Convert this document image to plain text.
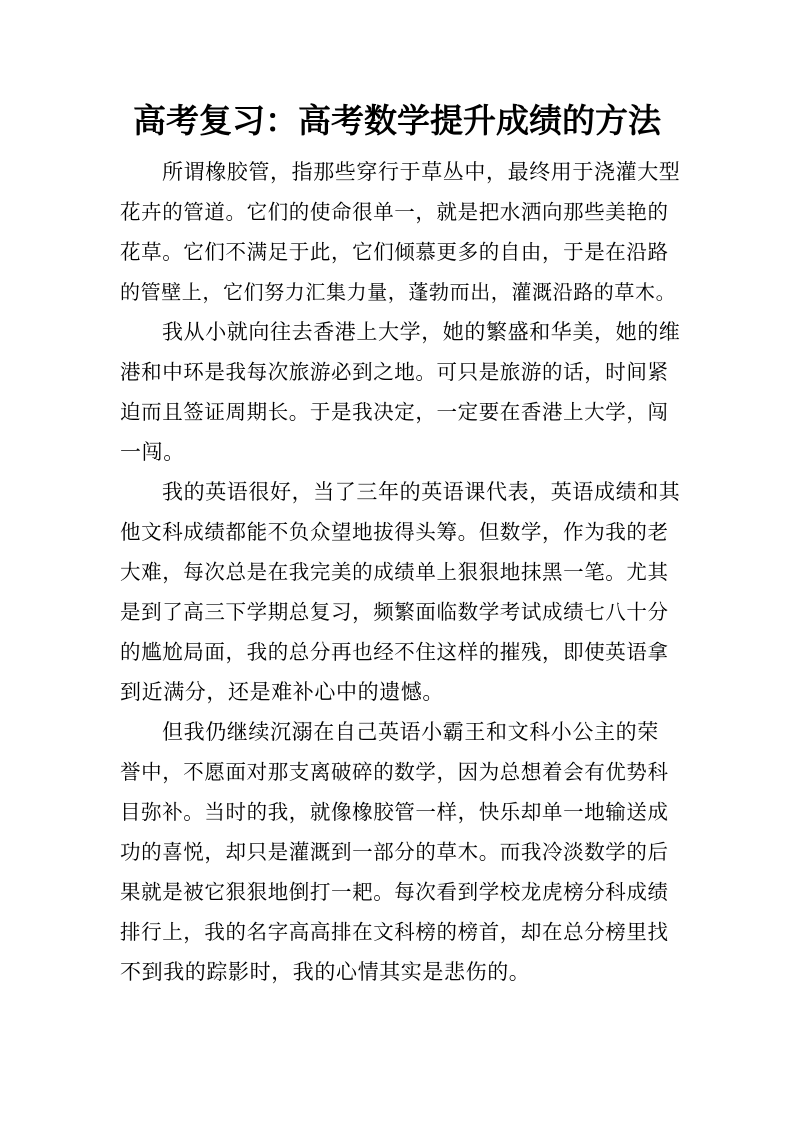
高考复习：高考数学提升成绩的方法
所谓橡胶管，指那些穿行于草丛中，最终用于浇灌大型
花卉的管道。它们的使命很单一，就是把水洒向那些美艳的
花草。它们不满足于此，它们倾慕更多的自由，于是在沿路
的管壁上，它们努力汇集力量，蓬勃而出，灌溉沿路的草木。
我从小就向往去香港上大学，她的繁盛和华美，她的维
港和中环是我每次旅游必到之地。可只是旅游的话，时间紧
迫而且签证周期长。于是我决定，一定要在香港上大学，闯
一闯。
我的英语很好，当了三年的英语课代表，英语成绩和其
他文科成绩都能不负众望地拔得头筹。但数学，作为我的老
大难，每次总是在我完美的成绩单上狠狠地抹黑一笔。尤其
是到了高三下学期总复习，频繁面临数学考试成绩七八十分
的尴尬局面，我的总分再也经不住这样的摧残，即使英语拿
到近满分，还是难补心中的遗憾。
但我仍继续沉溺在自己英语小霸王和文科小公主的荣
誉中，不愿面对那支离破碎的数学，因为总想着会有优势科
目弥补。当时的我，就像橡胶管一样，快乐却单一地输送成
功的喜悦，却只是灌溉到一部分的草木。而我冷淡数学的后
果就是被它狠狠地倒打一耙。每次看到学校龙虎榜分科成绩
排行上，我的名字高高排在文科榜的榜首，却在总分榜里找
不到我的踪影时，我的心情其实是悲伤的。
